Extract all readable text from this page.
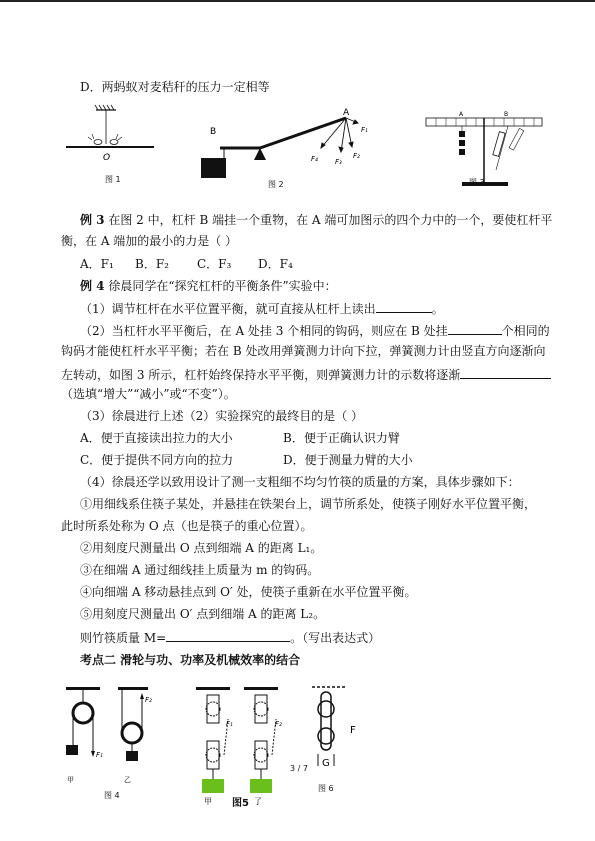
D．两蚂蚁对麦秸秆的压力一定相等
O
图 1
A
B	F₁
F₂
F₃
F₄
图 2
A	B
图 3
例 3 在图 2 中，杠杆 B 端挂一个重物，在 A 端可加图示的四个力中的一个，要使杠杆平
衡，在 A 端加的最小的力是（ ）
A．F₁ B．F₂ C．F₃ D．F₄
例 4 徐晨同学在“探究杠杆的平衡条件”实验中：
（1）调节杠杆在水平位置平衡，就可直接从杠杆上读出	。
（2）当杠杆水平平衡后，在 A 处挂 3 个相同的钩码，则应在 B 处挂	个相同的
钩码才能使杠杆水平平衡；若在 B 处改用弹簧测力计向下拉，弹簧测力计由竖直方向逐渐向
左转动，如图 3 所示，杠杆始终保持水平平衡，则弹簧测力计的示数将逐渐
（选填“增大”“减小”或“不变”）。
（3）徐晨进行上述（2）实验探究的最终目的是（ ）
A．便于直接读出拉力的大小	B．便于正确认识力臂
C．便于提供不同方向的拉力	D．便于测量力臂的大小
（4）徐晨还学以致用设计了测一支粗细不均匀竹筷的质量的方案，具体步骤如下：
①用细线系住筷子某处，并悬挂在铁架台上，调节所系处，使筷子刚好水平位置平衡，
此时所系处称为 O 点（也是筷子的重心位置）。
②用刻度尺测量出 O 点到细端 A 的距离 L₁。
③在细端 A 通过细线挂上质量为 m 的钩码。
④向细端 A 移动悬挂点到 O′ 处，使筷子重新在水平位置平衡。
⑤用刻度尺测量出 O′ 点到细端 A 的距离 L₂。
则竹筷质量 M=	。（写出表达式）
考点二 滑轮与功、功率及机械效率的结合
F₁
甲
F₂
乙
图 4
F₁
甲
F₂
了
图5
3 / 7
F
G
图 6
